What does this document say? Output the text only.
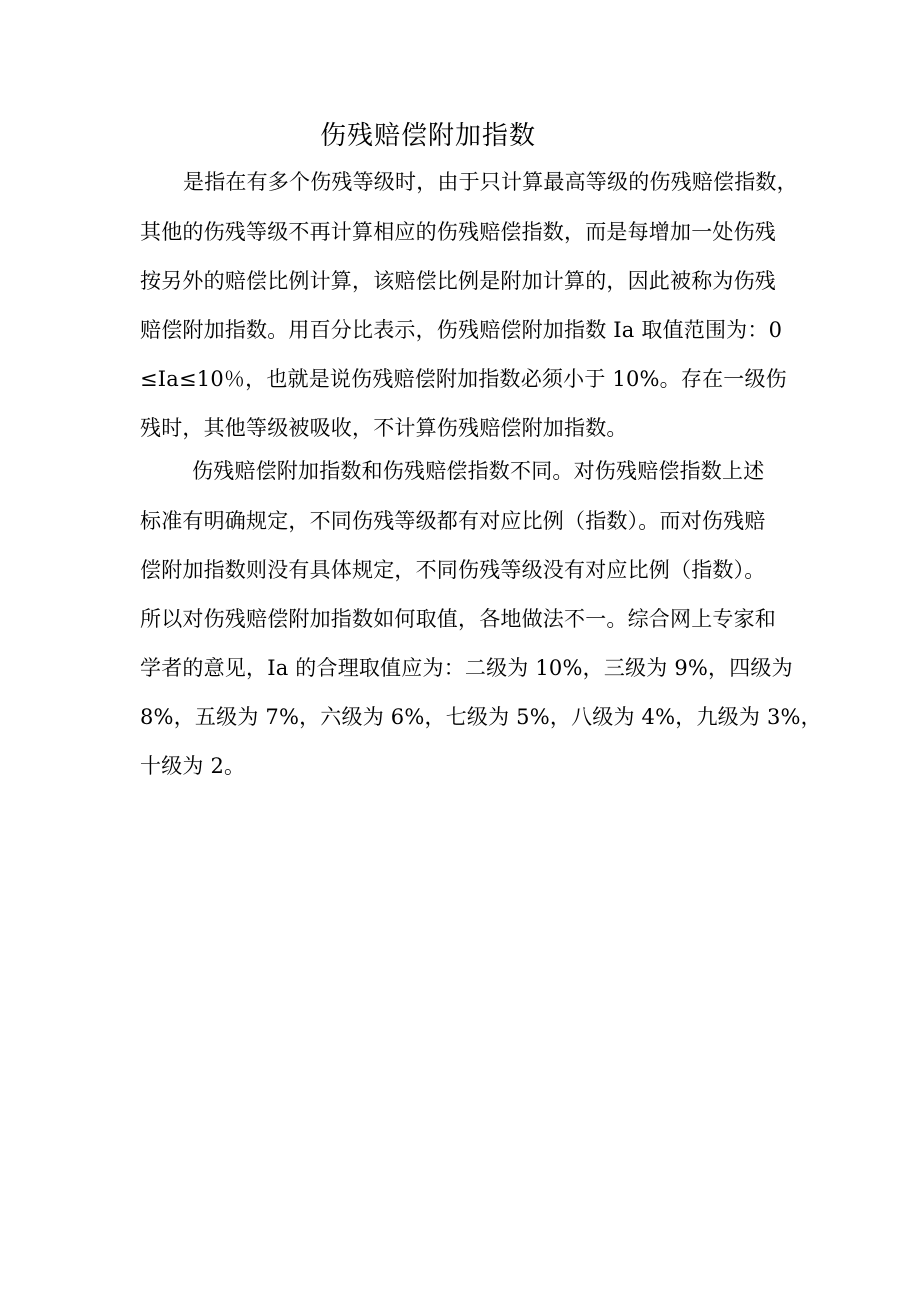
伤残赔偿附加指数
是指在有多个伤残等级时，由于只计算最高等级的伤残赔偿指数，
其他的伤残等级不再计算相应的伤残赔偿指数，而是每增加一处伤残
按另外的赔偿比例计算，该赔偿比例是附加计算的，因此被称为伤残
赔偿附加指数。用百分比表示，伤残赔偿附加指数 Ia 取值范围为：0
≤Ia≤10％，也就是说伤残赔偿附加指数必须小于 10%。存在一级伤
残时，其他等级被吸收，不计算伤残赔偿附加指数。
伤残赔偿附加指数和伤残赔偿指数不同。对伤残赔偿指数上述
标准有明确规定，不同伤残等级都有对应比例（指数）。而对伤残赔
偿附加指数则没有具体规定，不同伤残等级没有对应比例（指数）。
所以对伤残赔偿附加指数如何取值，各地做法不一。综合网上专家和
学者的意见，Ia 的合理取值应为：二级为 10%，三级为 9%，四级为
8%，五级为 7%，六级为 6%，七级为 5%，八级为 4%，九级为 3%，
十级为 2。
